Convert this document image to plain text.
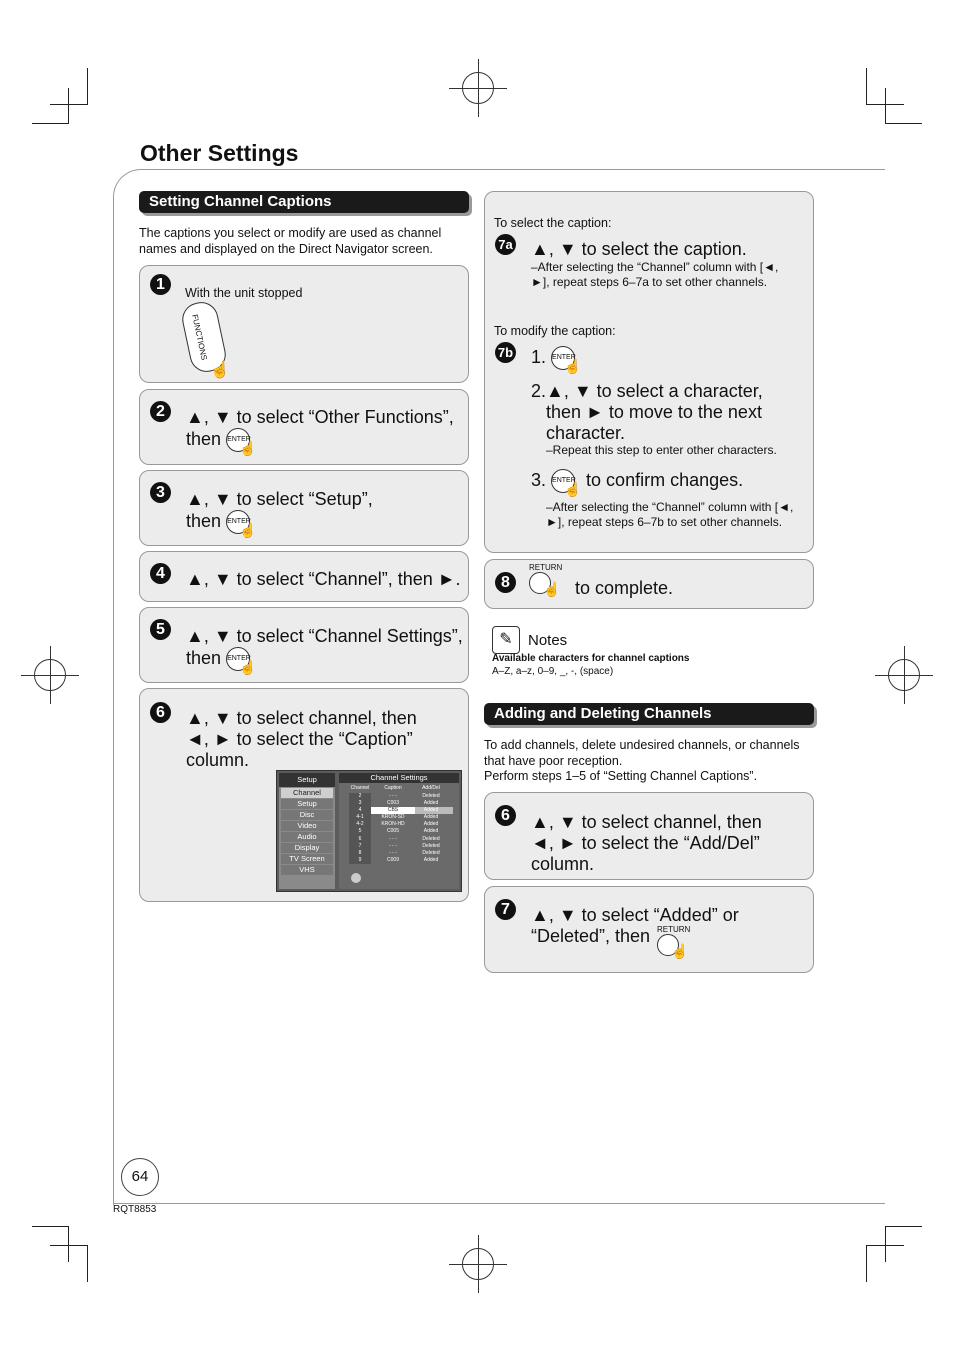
Other Settings
Setting Channel Captions
The captions you select or modify are used as channel names and displayed on the Direct Navigator screen.
1	With the unit stopped
FUNCTIONS
☝
2	▲, ▼ to select “Other Functions”,
then ENTER
☝
3	▲, ▼ to select “Setup”,
then ENTER
☝
4	▲, ▼ to select “Channel”, then ►.
5	▲, ▼ to select “Channel Settings”,
then ENTER
☝
6	▲, ▼ to select channel, then
◄, ► to select the “Caption”
column.
Setup
Channel
Setup
Disc
Video
Audio
Display
TV Screen
VHS
Channel Settings
Channel	Caption	Add/Del
2	- - -	Deleted
3	C003	Added
4	CBS	Added
4-1	KRON-SD	Added
4-2	KRON-HD	Added
5	C005	Added
6	- - -	Deleted
7	- - -	Deleted
8	- - -	Deleted
9	C009	Added
To select the caption:
7a ▲, ▼ to select the caption.
–After selecting the “Channel” column with [◄, ►], repeat steps 6–7a to set other channels.
To modify the caption:
7b 1. ENTER
☝
2.▲, ▼ to select a character,
then ► to move to the next
character.
–Repeat this step to enter other characters.
3. ENTER
☝ to confirm changes.
–After selecting the “Channel” column with [◄, ►], repeat steps 6–7b to set other channels.
8
RETURN
☝ to complete.
✎	Notes
Available characters for channel captions
A–Z, a–z, 0–9, _, -, (space)
Adding and Deleting Channels
To add channels, delete undesired channels, or channels that have poor reception.
Perform steps 1–5 of “Setting Channel Captions”.
6	▲, ▼ to select channel, then
◄, ► to select the “Add/Del”
column.
7	▲, ▼ to select “Added” or
“Deleted”, then RETURN
☝
64
RQT8853
